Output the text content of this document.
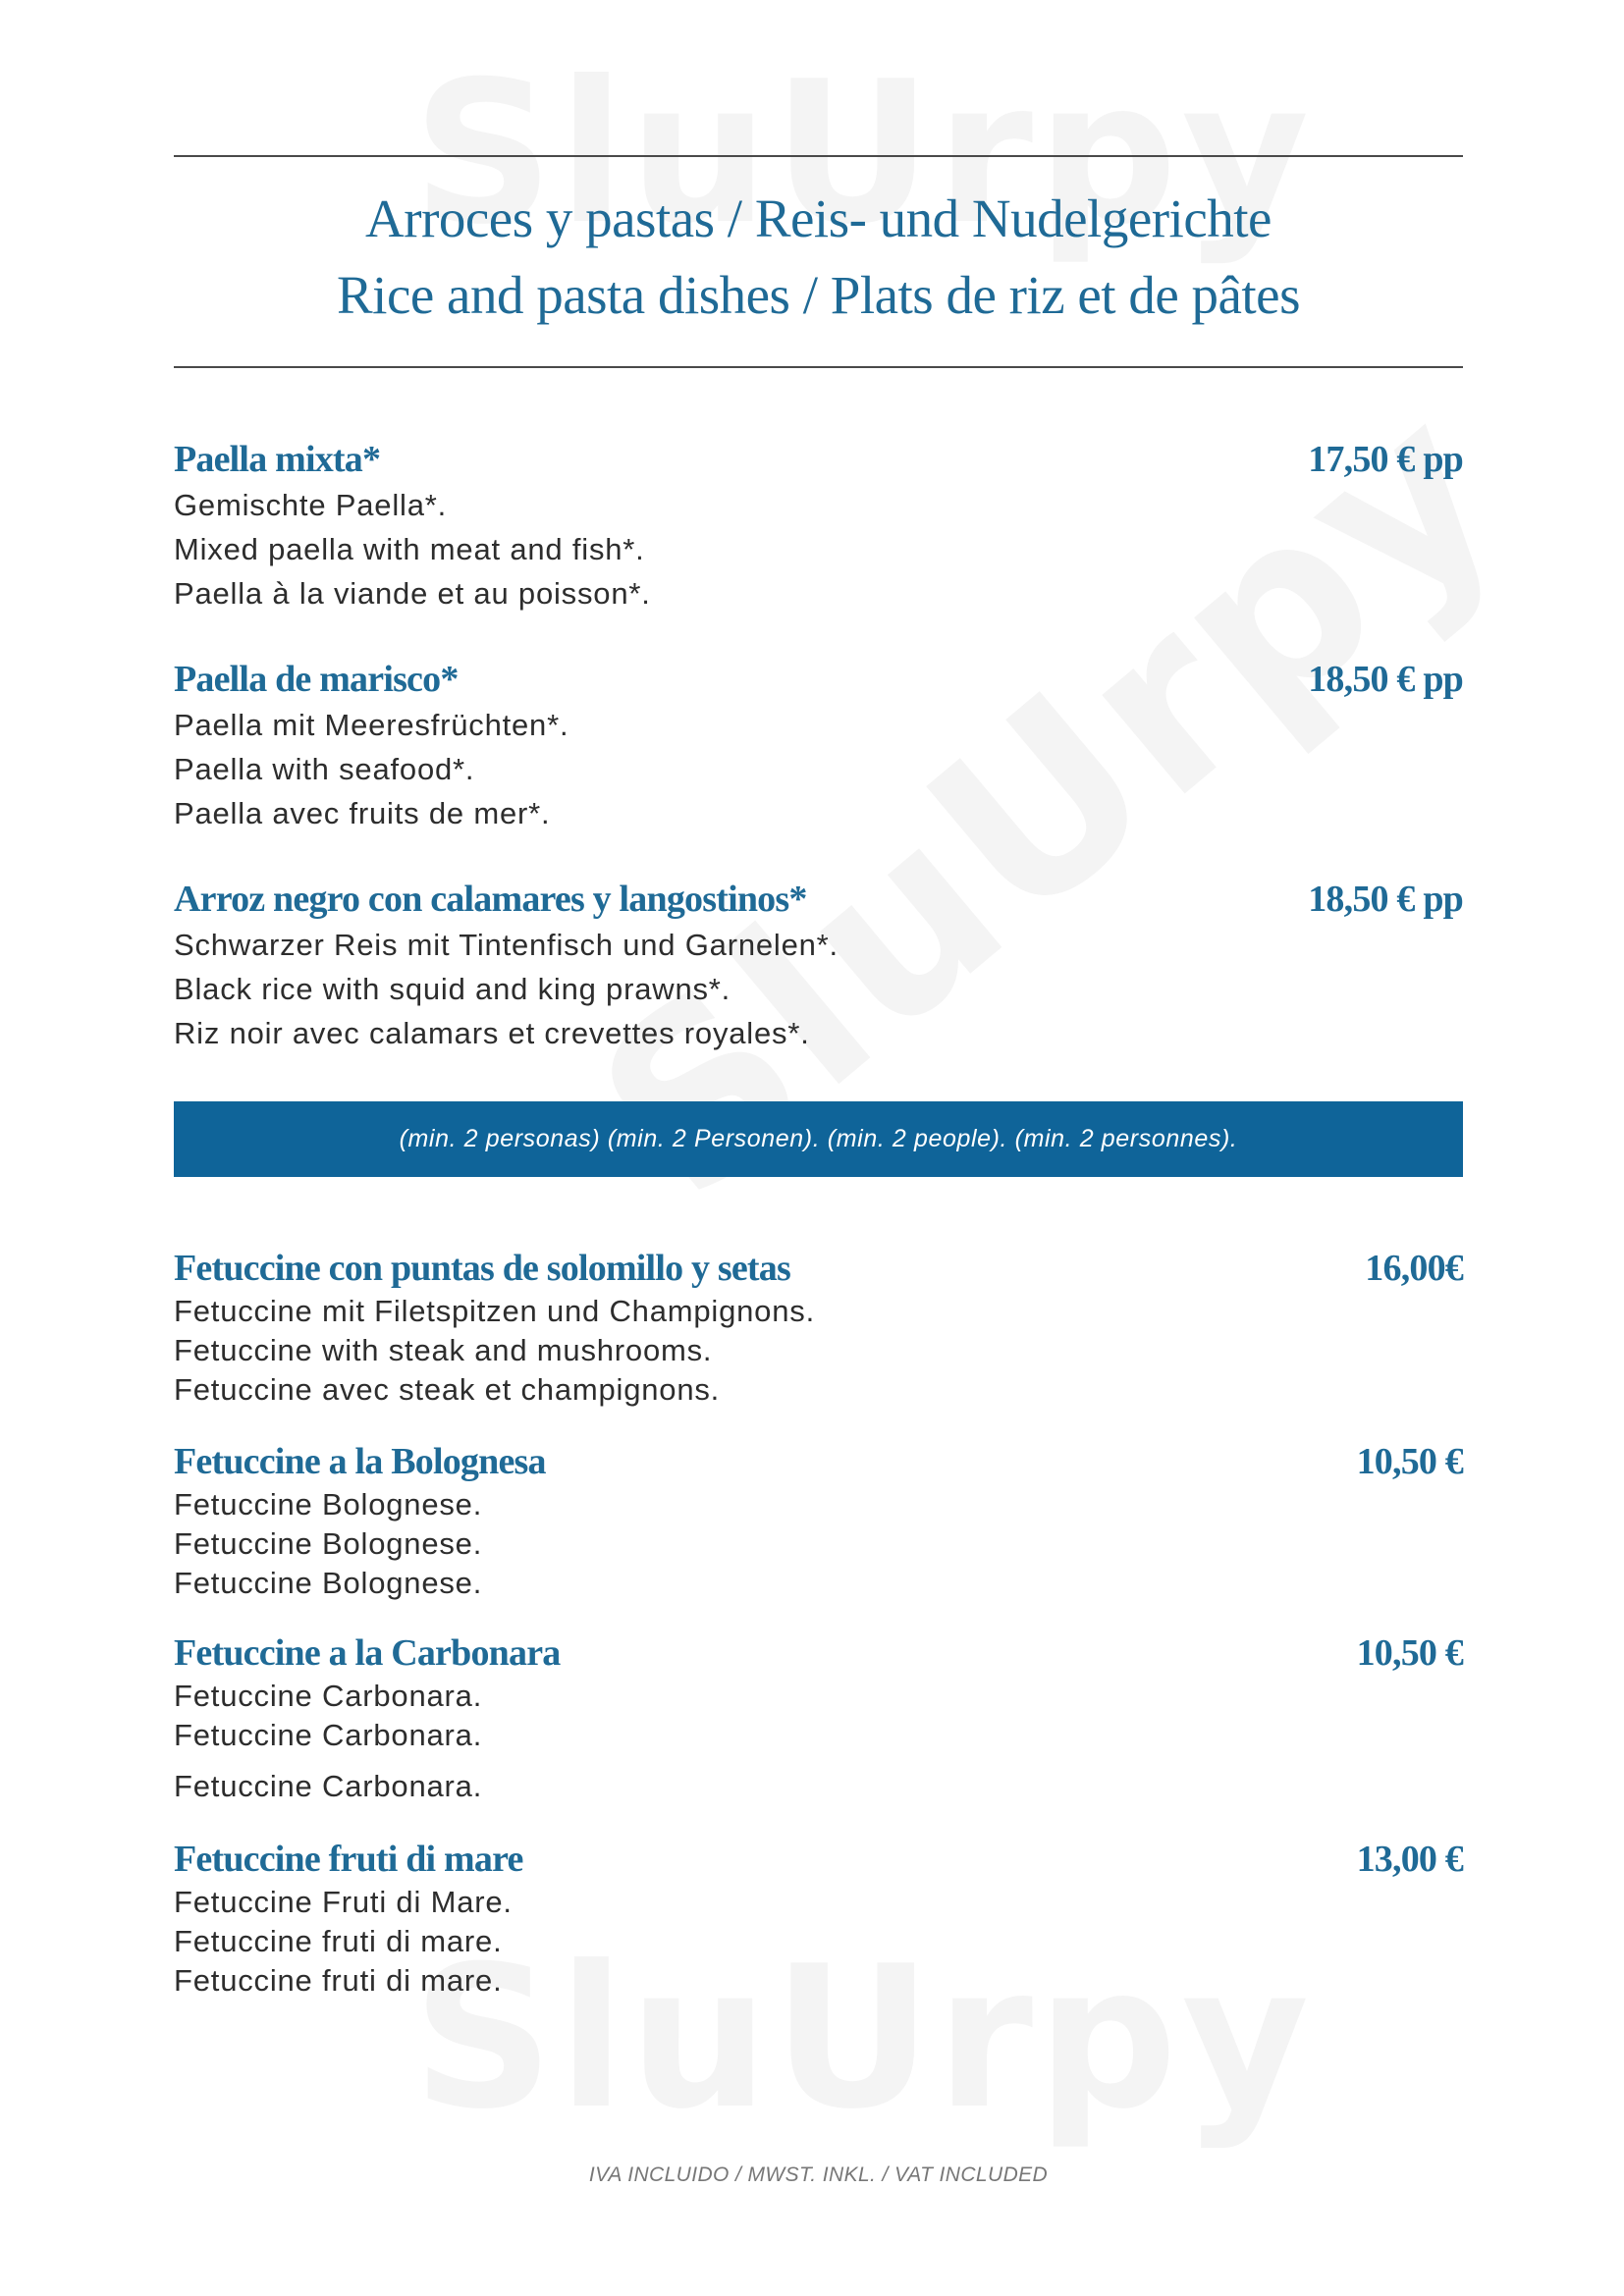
Arroces y pastas / Reis- und Nudelgerichte
Rice and pasta dishes / Plats de riz et de pâtes
Paella mixta*	17,50 € pp
Gemischte Paella*.
Mixed paella with meat and fish*.
Paella à la viande et au poisson*.
Paella de marisco*	18,50 € pp
Paella mit Meeresfrüchten*.
Paella with seafood*.
Paella avec fruits de mer*.
Arroz negro con calamares y langostinos*	18,50 € pp
Schwarzer Reis mit Tintenfisch und Garnelen*.
Black rice with squid and king prawns*.
Riz noir avec calamars et crevettes royales*.
(min. 2 personas) (min. 2 Personen). (min. 2 people). (min. 2 personnes).
Fetuccine con puntas de solomillo y setas	16,00€
Fetuccine mit Filetspitzen und Champignons.
Fetuccine with steak and mushrooms.
Fetuccine avec steak et champignons.
Fetuccine a la Bolognesa	10,50 €
Fetuccine Bolognese.
Fetuccine Bolognese.
Fetuccine Bolognese.
Fetuccine a la Carbonara	10,50 €
Fetuccine Carbonara.
Fetuccine Carbonara.
Fetuccine Carbonara.
Fetuccine fruti di mare	13,00 €
Fetuccine Fruti di Mare.
Fetuccine fruti di mare.
Fetuccine fruti di mare.
IVA INCLUIDO / MWST. INKL. / VAT INCLUDED
